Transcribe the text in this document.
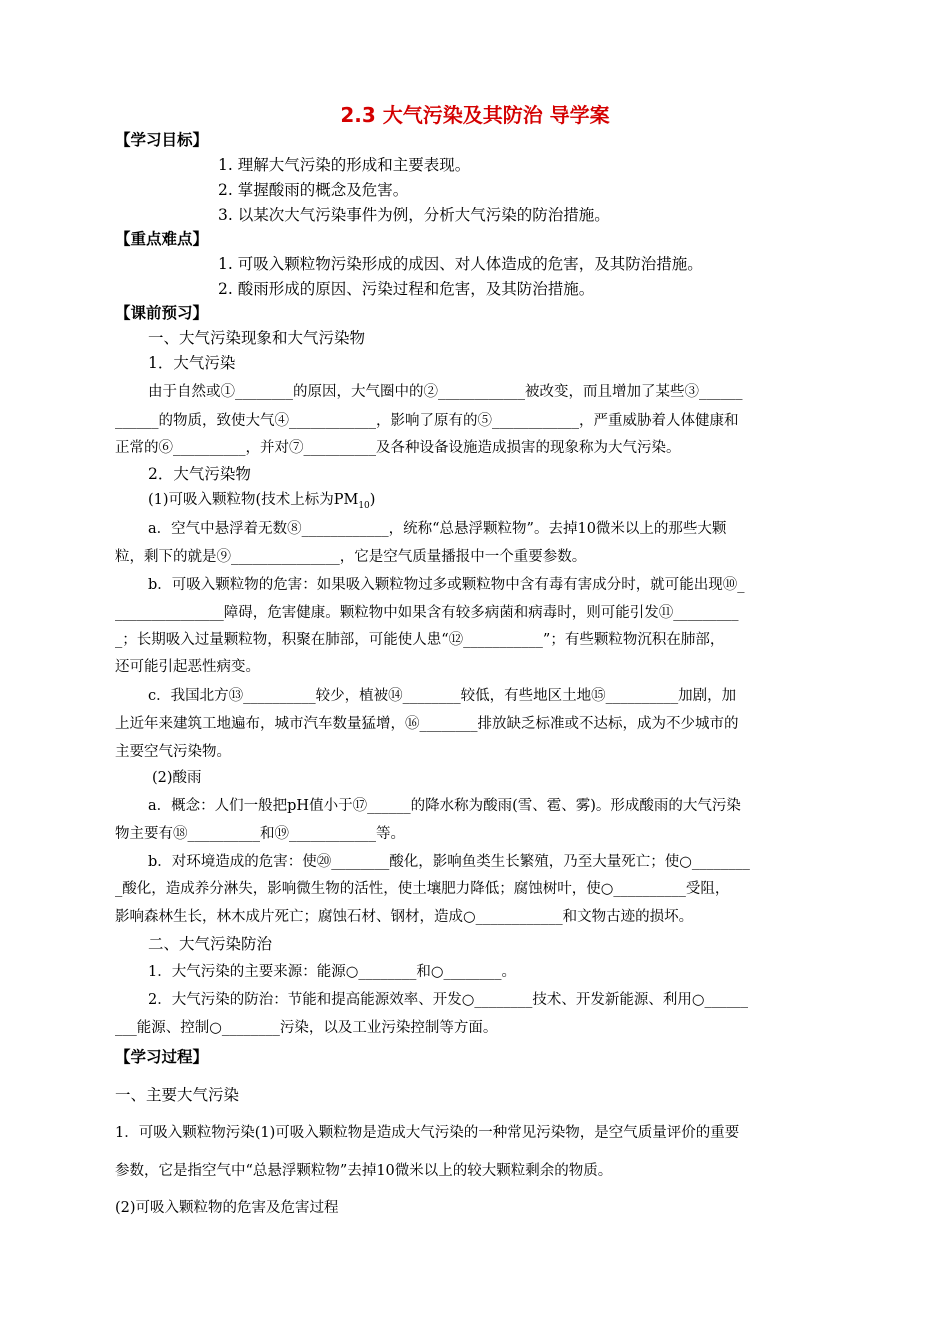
2.3 大气污染及其防治 导学案
【学习目标】
1. 理解大气污染的形成和主要表现。
2. 掌握酸雨的概念及危害。
3. 以某次大气污染事件为例，分析大气污染的防治措施。
【重点难点】
1. 可吸入颗粒物污染形成的成因、对人体造成的危害，及其防治措施。
2. 酸雨形成的原因、污染过程和危害，及其防治措施。
【课前预习】
一、大气污染现象和大气污染物
1．大气污染
由于自然或①________的原因，大气圈中的②____________被改变，而且增加了某些③______
______的物质，致使大气④____________，影响了原有的⑤____________，严重威胁着人体健康和
正常的⑥__________，并对⑦__________及各种设备设施造成损害的现象称为大气污染。
2．大气污染物
(1)可吸入颗粒物(技术上标为$PM_{10}$)
a．空气中悬浮着无数⑧____________，统称“总悬浮颗粒物”。去掉10微米以上的那些大颗
粒，剩下的就是⑨_______________，它是空气质量播报中一个重要参数。
b．可吸入颗粒物的危害：如果吸入颗粒物过多或颗粒物中含有毒有害成分时，就可能出现⑩_
_______________障碍，危害健康。颗粒物中如果含有较多病菌和病毒时，则可能引发⑪_________
_；长期吸入过量颗粒物，积聚在肺部，可能使人患“⑫___________”；有些颗粒物沉积在肺部，
还可能引起恶性病变。
c．我国北方⑬__________较少，植被⑭________较低，有些地区土地⑮__________加剧，加
上近年来建筑工地遍布，城市汽车数量猛增，⑯________排放缺乏标准或不达标，成为不少城市的
主要空气污染物。
(2)酸雨
a．概念：人们一般把pH值小于⑰______的降水称为酸雨(雪、雹、雾)。形成酸雨的大气污染
物主要有⑱__________和⑲____________等。
b．对环境造成的危害：使⑳________酸化，影响鱼类生长繁殖，乃至大量死亡；使○________
_酸化，造成养分淋失，影响微生物的活性，使土壤肥力降低；腐蚀树叶，使○__________受阻，
影响森林生长，林木成片死亡；腐蚀石材、钢材，造成○____________和文物古迹的损坏。
二、大气污染防治
1．大气污染的主要来源：能源○________和○________。
2．大气污染的防治：节能和提高能源效率、开发○________技术、开发新能源、利用○______
___能源、控制○________污染，以及工业污染控制等方面。
【学习过程】
一、主要大气污染
1．可吸入颗粒物污染(1)可吸入颗粒物是造成大气污染的一种常见污染物，是空气质量评价的重要
参数，它是指空气中“总悬浮颗粒物”去掉10微米以上的较大颗粒剩余的物质。
(2)可吸入颗粒物的危害及危害过程
